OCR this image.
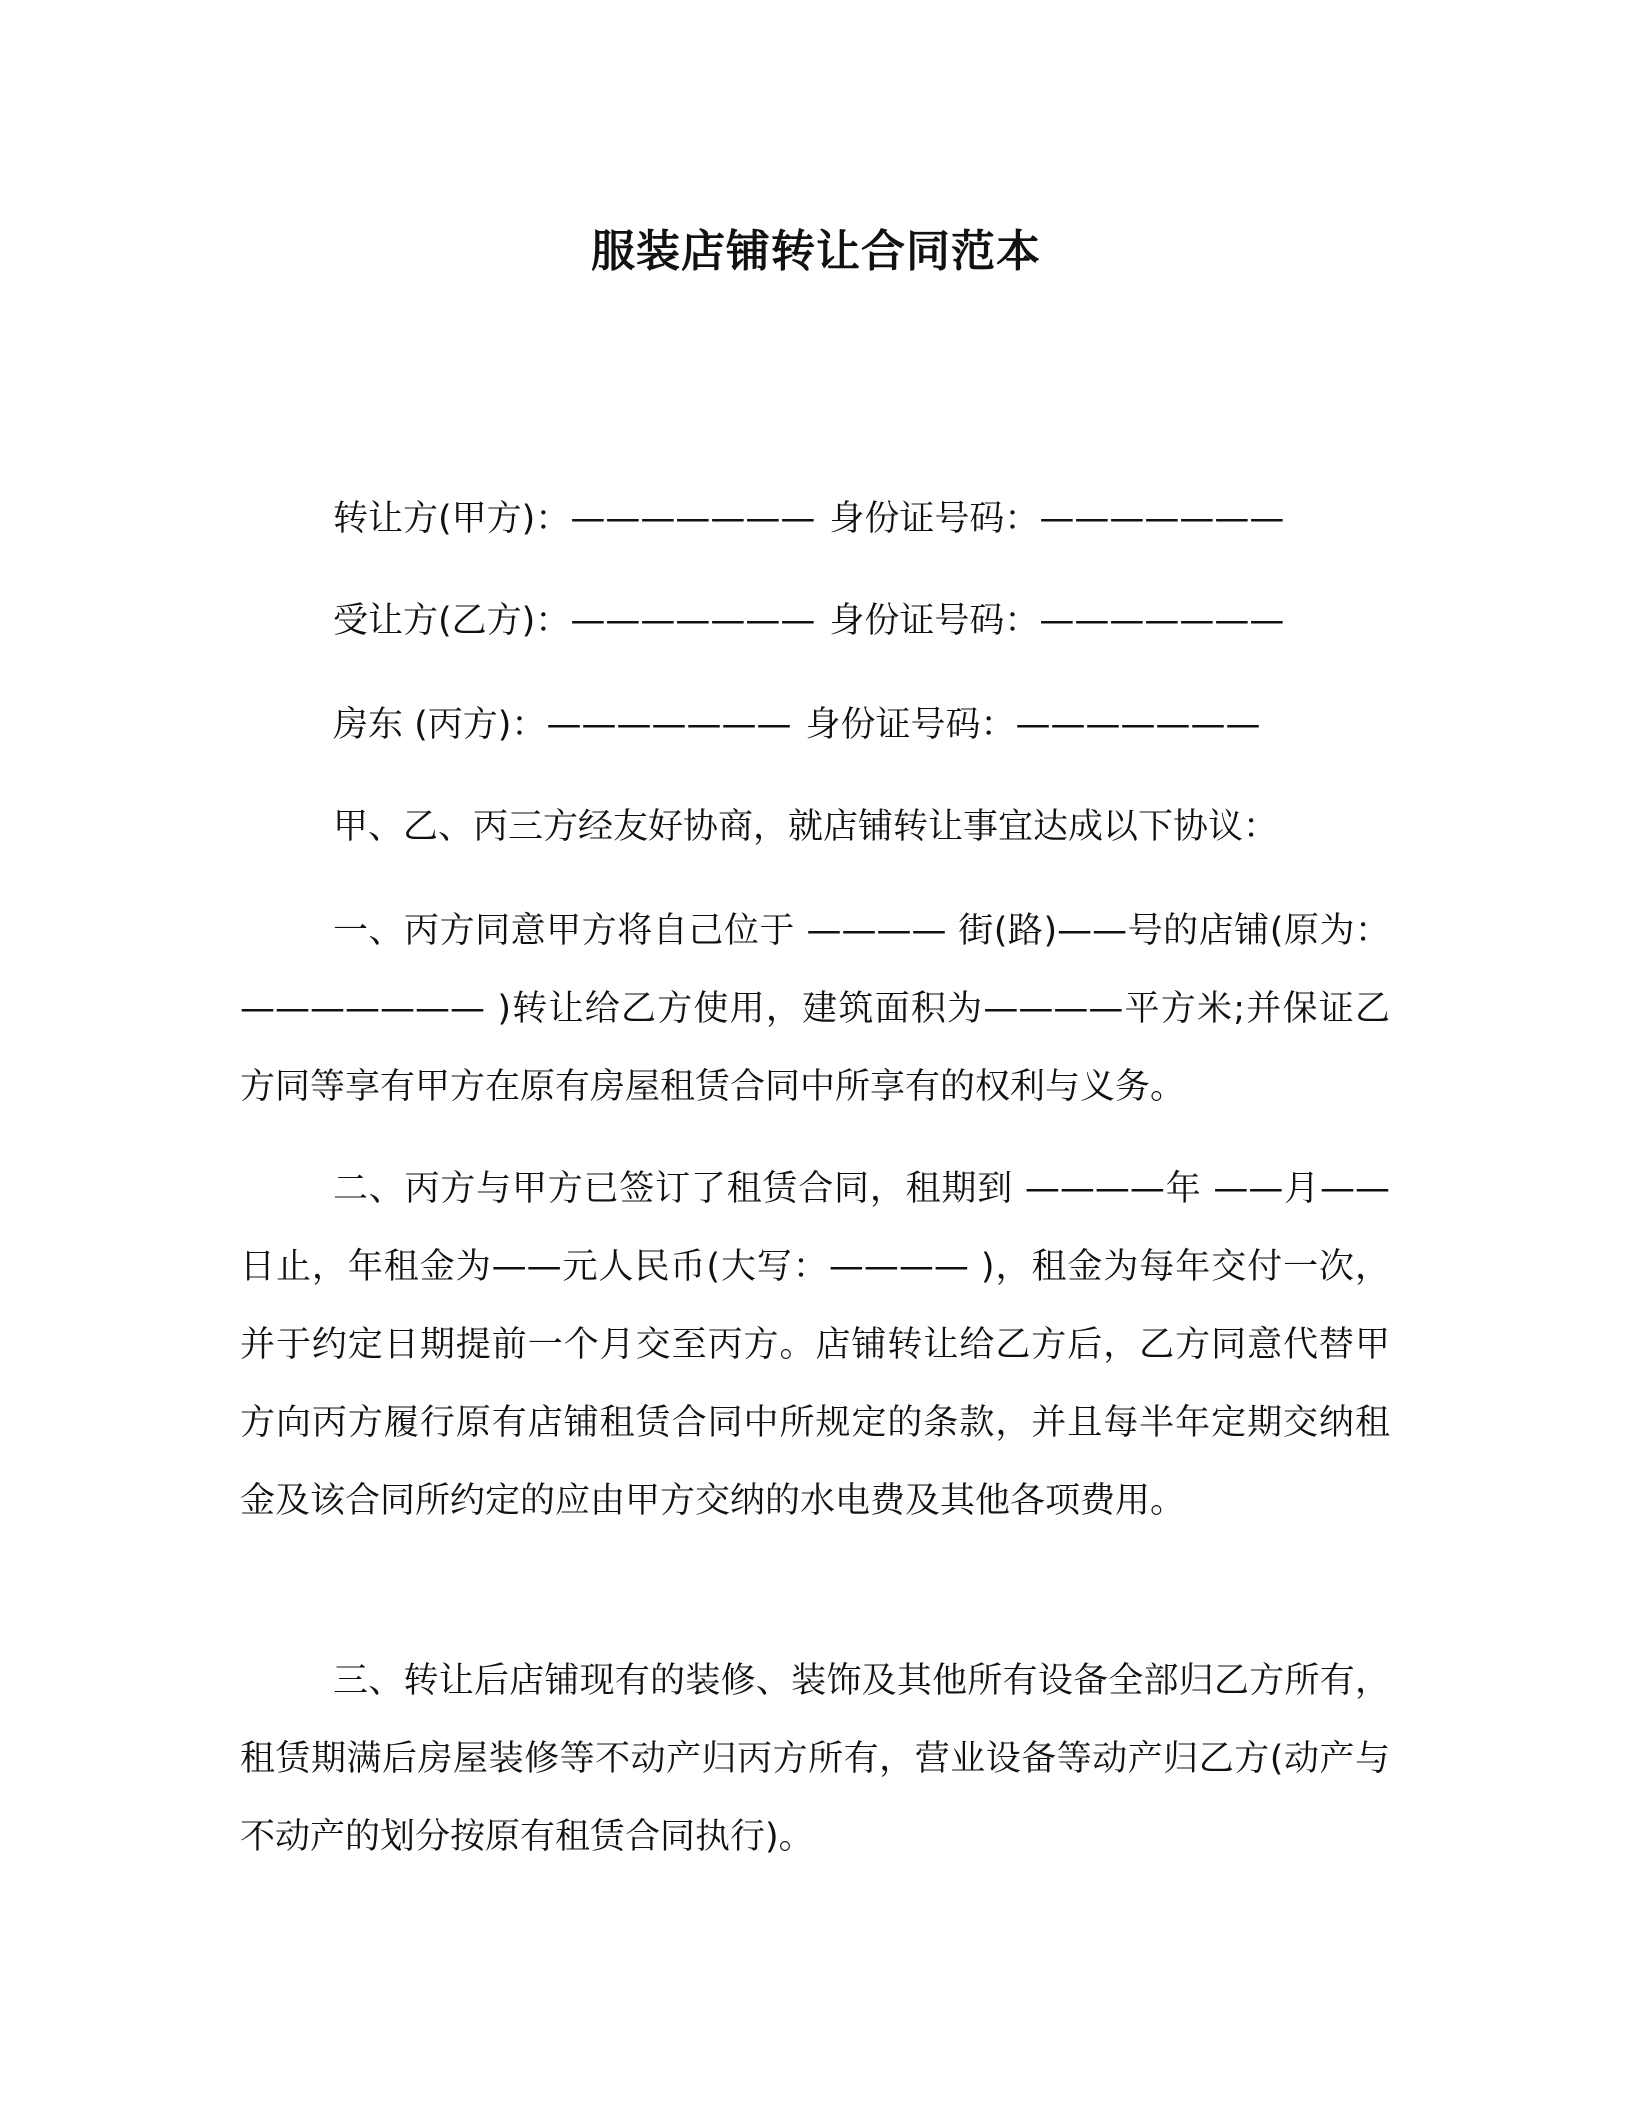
服装店铺转让合同范本
转让方(甲方)：——————— 身份证号码：———————
受让方(乙方)：——————— 身份证号码：———————
房东 (丙方)：——————— 身份证号码：———————
甲、乙、丙三方经友好协商，就店铺转让事宜达成以下协议：

一、丙方同意甲方将自己位于 ———— 街(路)——号的店铺(原为：——————— )转让给乙方使用，建筑面积为————平方米;并保证乙方同等享有甲方在原有房屋租赁合同中所享有的权利与义务。

二、丙方与甲方已签订了租赁合同，租期到 ————年 ——月——日止，年租金为——元人民币(大写：———— )，租金为每年交付一次，并于约定日期提前一个月交至丙方。店铺转让给乙方后，乙方同意代替甲方向丙方履行原有店铺租赁合同中所规定的条款，并且每半年定期交纳租金及该合同所约定的应由甲方交纳的水电费及其他各项费用。

三、转让后店铺现有的装修、装饰及其他所有设备全部归乙方所有，租赁期满后房屋装修等不动产归丙方所有，营业设备等动产归乙方(动产与不动产的划分按原有租赁合同执行)。
